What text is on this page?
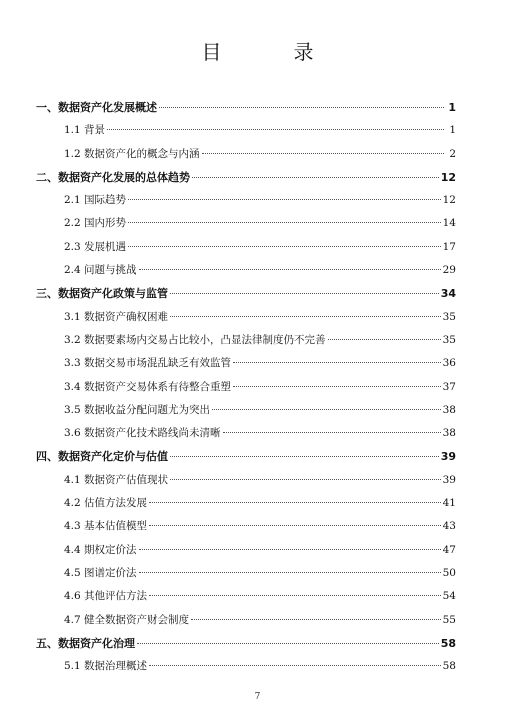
目　录
一、数据资产化发展概述	1
1.1 背景	1
1.2 数据资产化的概念与内涵	2
二、数据资产化发展的总体趋势	12
2.1 国际趋势	12
2.2 国内形势	14
2.3 发展机遇	17
2.4 问题与挑战	29
三、数据资产化政策与监管	34
3.1 数据资产确权困难	35
3.2 数据要素场内交易占比较小，凸显法律制度仍不完善	35
3.3 数据交易市场混乱缺乏有效监管	36
3.4 数据资产交易体系有待整合重塑	37
3.5 数据收益分配问题尤为突出	38
3.6 数据资产化技术路线尚未清晰	38
四、数据资产化定价与估值	39
4.1 数据资产估值现状	39
4.2 估值方法发展	41
4.3 基本估值模型	43
4.4 期权定价法	47
4.5 图谱定价法	50
4.6 其他评估方法	54
4.7 健全数据资产财会制度	55
五、数据资产化治理	58
5.1 数据治理概述	58
7
